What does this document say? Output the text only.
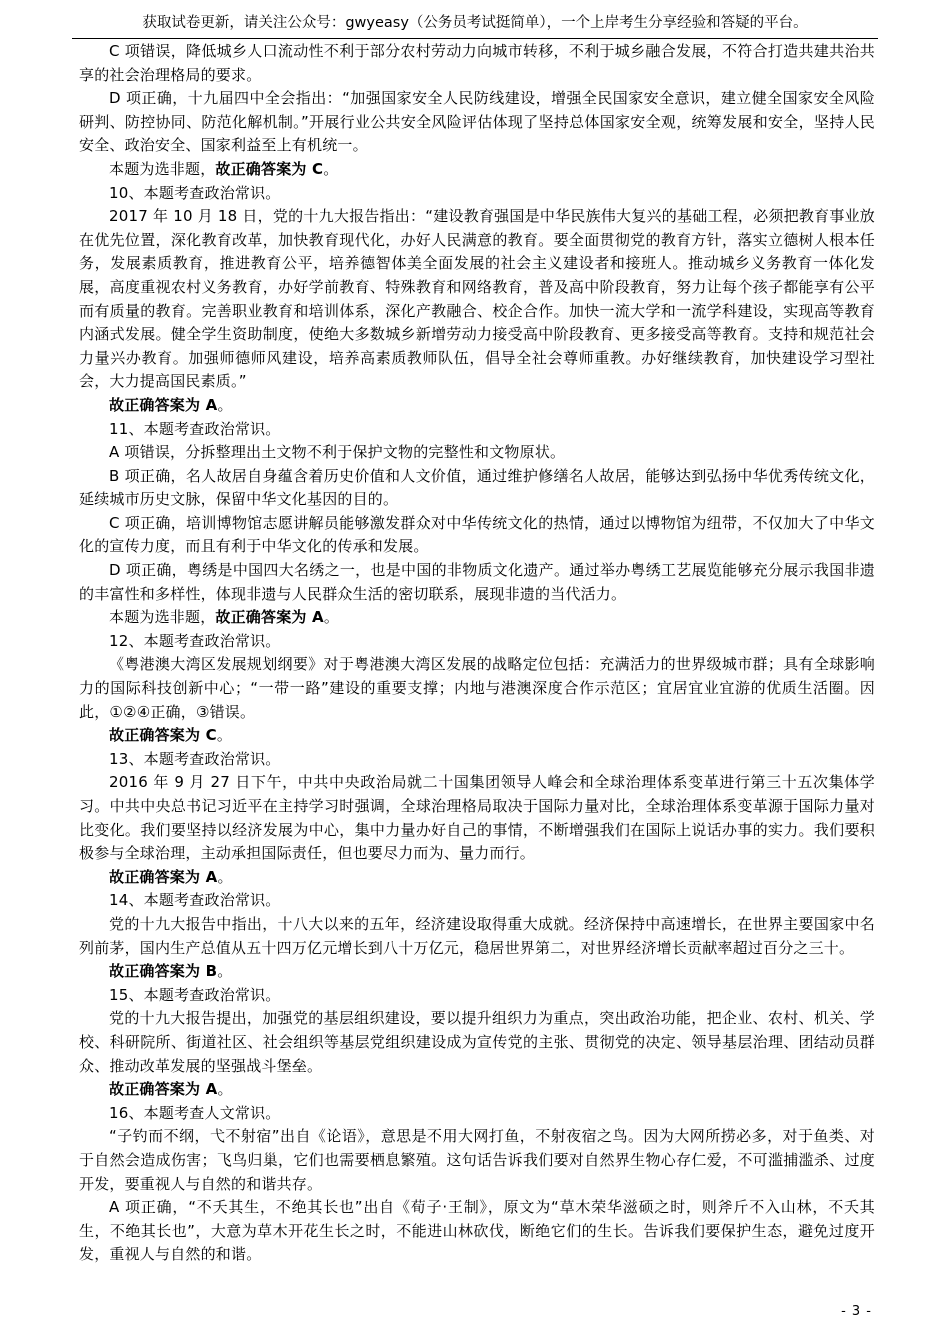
获取试卷更新，请关注公众号：gwyeasy（公务员考试挺简单），一个上岸考生分享经验和答疑的平台。

C 项错误，降低城乡人口流动性不利于部分农村劳动力向城市转移，不利于城乡融合发展，不符合打造共建共治共享的社会治理格局的要求。

D 项正确，十九届四中全会指出：“加强国家安全人民防线建设，增强全民国家安全意识，建立健全国家安全风险研判、防控协同、防范化解机制。”开展行业公共安全风险评估体现了坚持总体国家安全观，统筹发展和安全，坚持人民安全、政治安全、国家利益至上有机统一。

本题为选非题，故正确答案为 C。

10、本题考查政治常识。

2017 年 10 月 18 日，党的十九大报告指出：“建设教育强国是中华民族伟大复兴的基础工程，必须把教育事业放在优先位置，深化教育改革，加快教育现代化，办好人民满意的教育。要全面贯彻党的教育方针，落实立德树人根本任务，发展素质教育，推进教育公平，培养德智体美全面发展的社会主义建设者和接班人。推动城乡义务教育一体化发展，高度重视农村义务教育，办好学前教育、特殊教育和网络教育，普及高中阶段教育，努力让每个孩子都能享有公平而有质量的教育。完善职业教育和培训体系，深化产教融合、校企合作。加快一流大学和一流学科建设，实现高等教育内涵式发展。健全学生资助制度，使绝大多数城乡新增劳动力接受高中阶段教育、更多接受高等教育。支持和规范社会力量兴办教育。加强师德师风建设，培养高素质教师队伍，倡导全社会尊师重教。办好继续教育，加快建设学习型社会，大力提高国民素质。”

故正确答案为 A。

11、本题考查政治常识。

A 项错误，分拆整理出土文物不利于保护文物的完整性和文物原状。

B 项正确，名人故居自身蕴含着历史价值和人文价值，通过维护修缮名人故居，能够达到弘扬中华优秀传统文化，延续城市历史文脉，保留中华文化基因的目的。

C 项正确，培训博物馆志愿讲解员能够激发群众对中华传统文化的热情，通过以博物馆为纽带，不仅加大了中华文化的宣传力度，而且有利于中华文化的传承和发展。

D 项正确，粤绣是中国四大名绣之一，也是中国的非物质文化遗产。通过举办粤绣工艺展览能够充分展示我国非遗的丰富性和多样性，体现非遗与人民群众生活的密切联系，展现非遗的当代活力。

本题为选非题，故正确答案为 A。

12、本题考查政治常识。

《粤港澳大湾区发展规划纲要》对于粤港澳大湾区发展的战略定位包括：充满活力的世界级城市群；具有全球影响力的国际科技创新中心；“一带一路”建设的重要支撑；内地与港澳深度合作示范区；宜居宜业宜游的优质生活圈。因此，①②④正确，③错误。

故正确答案为 C。

13、本题考查政治常识。

2016 年 9 月 27 日下午，中共中央政治局就二十国集团领导人峰会和全球治理体系变革进行第三十五次集体学习。中共中央总书记习近平在主持学习时强调，全球治理格局取决于国际力量对比，全球治理体系变革源于国际力量对比变化。我们要坚持以经济发展为中心，集中力量办好自己的事情，不断增强我们在国际上说话办事的实力。我们要积极参与全球治理，主动承担国际责任，但也要尽力而为、量力而行。

故正确答案为 A。

14、本题考查政治常识。

党的十九大报告中指出，十八大以来的五年，经济建设取得重大成就。经济保持中高速增长，在世界主要国家中名列前茅，国内生产总值从五十四万亿元增长到八十万亿元，稳居世界第二，对世界经济增长贡献率超过百分之三十。

故正确答案为 B。

15、本题考查政治常识。

党的十九大报告提出，加强党的基层组织建设，要以提升组织力为重点，突出政治功能，把企业、农村、机关、学校、科研院所、街道社区、社会组织等基层党组织建设成为宣传党的主张、贯彻党的决定、领导基层治理、团结动员群众、推动改革发展的坚强战斗堡垒。

故正确答案为 A。

16、本题考查人文常识。

“子钓而不纲，弋不射宿”出自《论语》，意思是不用大网打鱼，不射夜宿之鸟。因为大网所捞必多，对于鱼类、对于自然会造成伤害；飞鸟归巢，它们也需要栖息繁殖。这句话告诉我们要对自然界生物心存仁爱，不可滥捕滥杀、过度开发，要重视人与自然的和谐共存。

A 项正确，“不夭其生，不绝其长也”出自《荀子·王制》，原文为“草木荣华滋硕之时，则斧斤不入山林，不夭其生，不绝其长也”，大意为草木开花生长之时，不能进山林砍伐，断绝它们的生长。告诉我们要保护生态，避免过度开发，重视人与自然的和谐。

- 3 -
